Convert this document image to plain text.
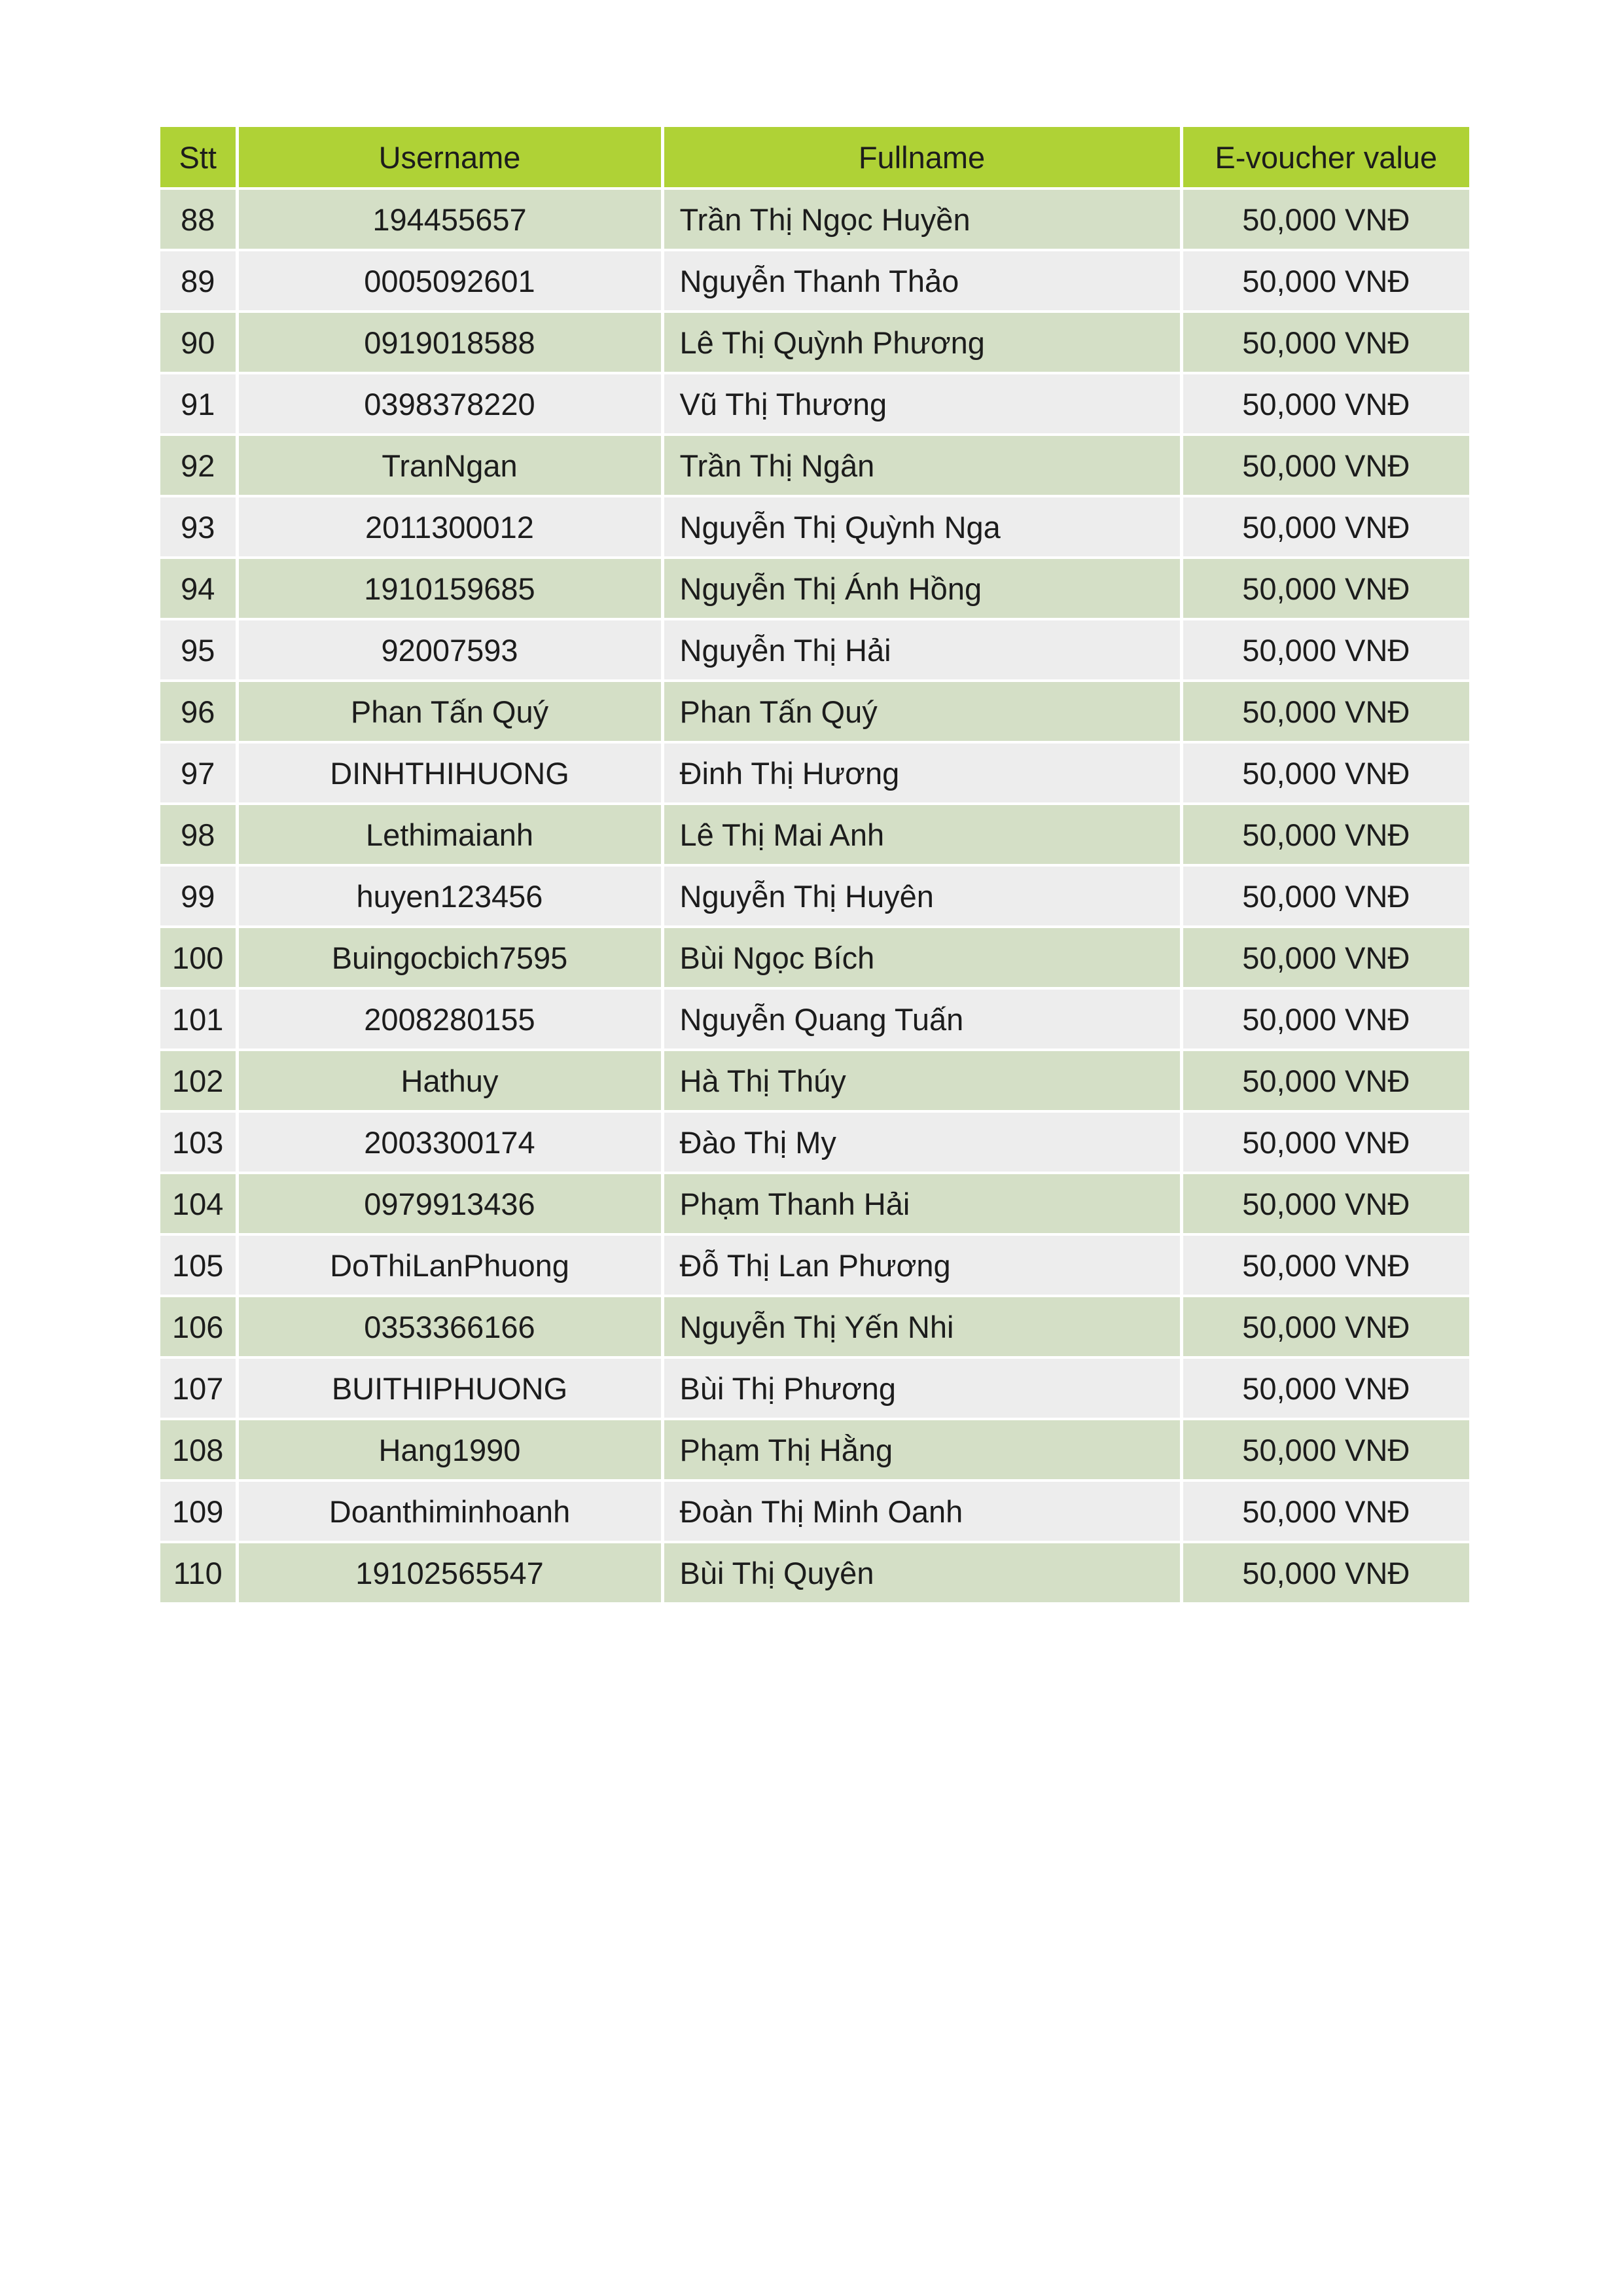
Stt	Username	Fullname	E-voucher value
88	194455657	Trần Thị Ngọc Huyền	50,000 VNĐ
89	0005092601	Nguyễn Thanh Thảo	50,000 VNĐ
90	0919018588	Lê Thị Quỳnh Phương	50,000 VNĐ
91	0398378220	Vũ Thị Thương	50,000 VNĐ
92	TranNgan	Trần Thị Ngân	50,000 VNĐ
93	2011300012	Nguyễn Thị Quỳnh Nga	50,000 VNĐ
94	1910159685	Nguyễn Thị Ánh Hồng	50,000 VNĐ
95	92007593	Nguyễn Thị Hải	50,000 VNĐ
96	Phan Tấn Quý	Phan Tấn Quý	50,000 VNĐ
97	DINHTHIHUONG	Đinh Thị Hương	50,000 VNĐ
98	Lethimaianh	Lê Thị Mai Anh	50,000 VNĐ
99	huyen123456	Nguyễn Thị Huyên	50,000 VNĐ
100	Buingocbich7595	Bùi Ngọc Bích	50,000 VNĐ
101	2008280155	Nguyễn Quang Tuấn	50,000 VNĐ
102	Hathuy	Hà Thị Thúy	50,000 VNĐ
103	2003300174	Đào Thị My	50,000 VNĐ
104	0979913436	Phạm Thanh Hải	50,000 VNĐ
105	DoThiLanPhuong	Đỗ Thị Lan Phương	50,000 VNĐ
106	0353366166	Nguyễn Thị Yến Nhi	50,000 VNĐ
107	BUITHIPHUONG	Bùi Thị Phương	50,000 VNĐ
108	Hang1990	Phạm Thị Hằng	50,000 VNĐ
109	Doanthiminhoanh	Đoàn Thị Minh Oanh	50,000 VNĐ
110	19102565547	Bùi Thị Quyên	50,000 VNĐ
